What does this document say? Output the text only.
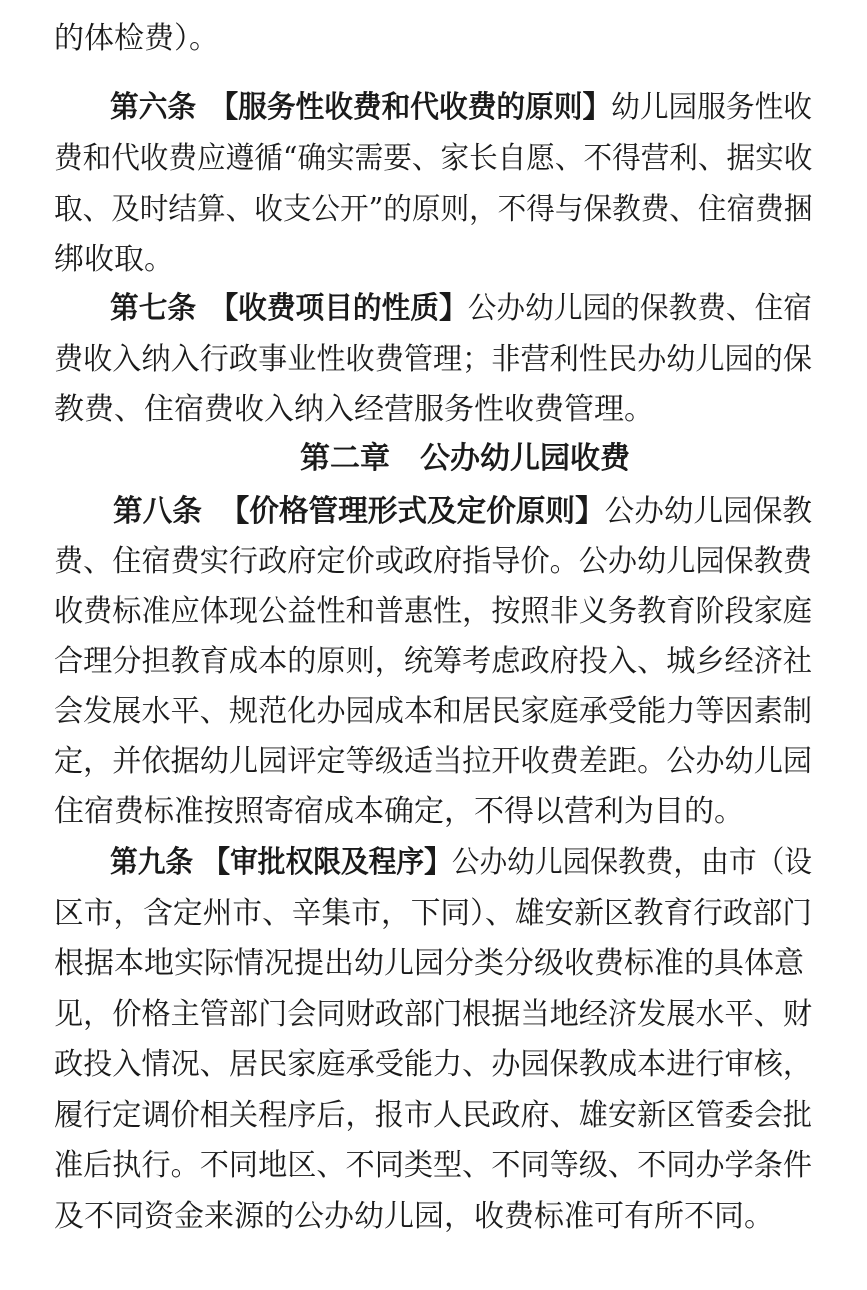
的体检费）。
第六条 【服务性收费和代收费的原则】幼儿园服务性收
费和代收费应遵循“确实需要、家长自愿、不得营利、据实收
取、及时结算、收支公开”的原则，不得与保教费、住宿费捆
绑收取。
第七条 【收费项目的性质】公办幼儿园的保教费、住宿
费收入纳入行政事业性收费管理；非营利性民办幼儿园的保
教费、住宿费收入纳入经营服务性收费管理。
第二章　公办幼儿园收费
第八条 【价格管理形式及定价原则】公办幼儿园保教
费、住宿费实行政府定价或政府指导价。公办幼儿园保教费
收费标准应体现公益性和普惠性，按照非义务教育阶段家庭
合理分担教育成本的原则，统筹考虑政府投入、城乡经济社
会发展水平、规范化办园成本和居民家庭承受能力等因素制
定，并依据幼儿园评定等级适当拉开收费差距。公办幼儿园
住宿费标准按照寄宿成本确定，不得以营利为目的。
第九条 【审批权限及程序】公办幼儿园保教费，由市（设
区市，含定州市、辛集市，下同）、雄安新区教育行政部门
根据本地实际情况提出幼儿园分类分级收费标准的具体意
见，价格主管部门会同财政部门根据当地经济发展水平、财
政投入情况、居民家庭承受能力、办园保教成本进行审核，
履行定调价相关程序后，报市人民政府、雄安新区管委会批
准后执行。不同地区、不同类型、不同等级、不同办学条件
及不同资金来源的公办幼儿园，收费标准可有所不同。
